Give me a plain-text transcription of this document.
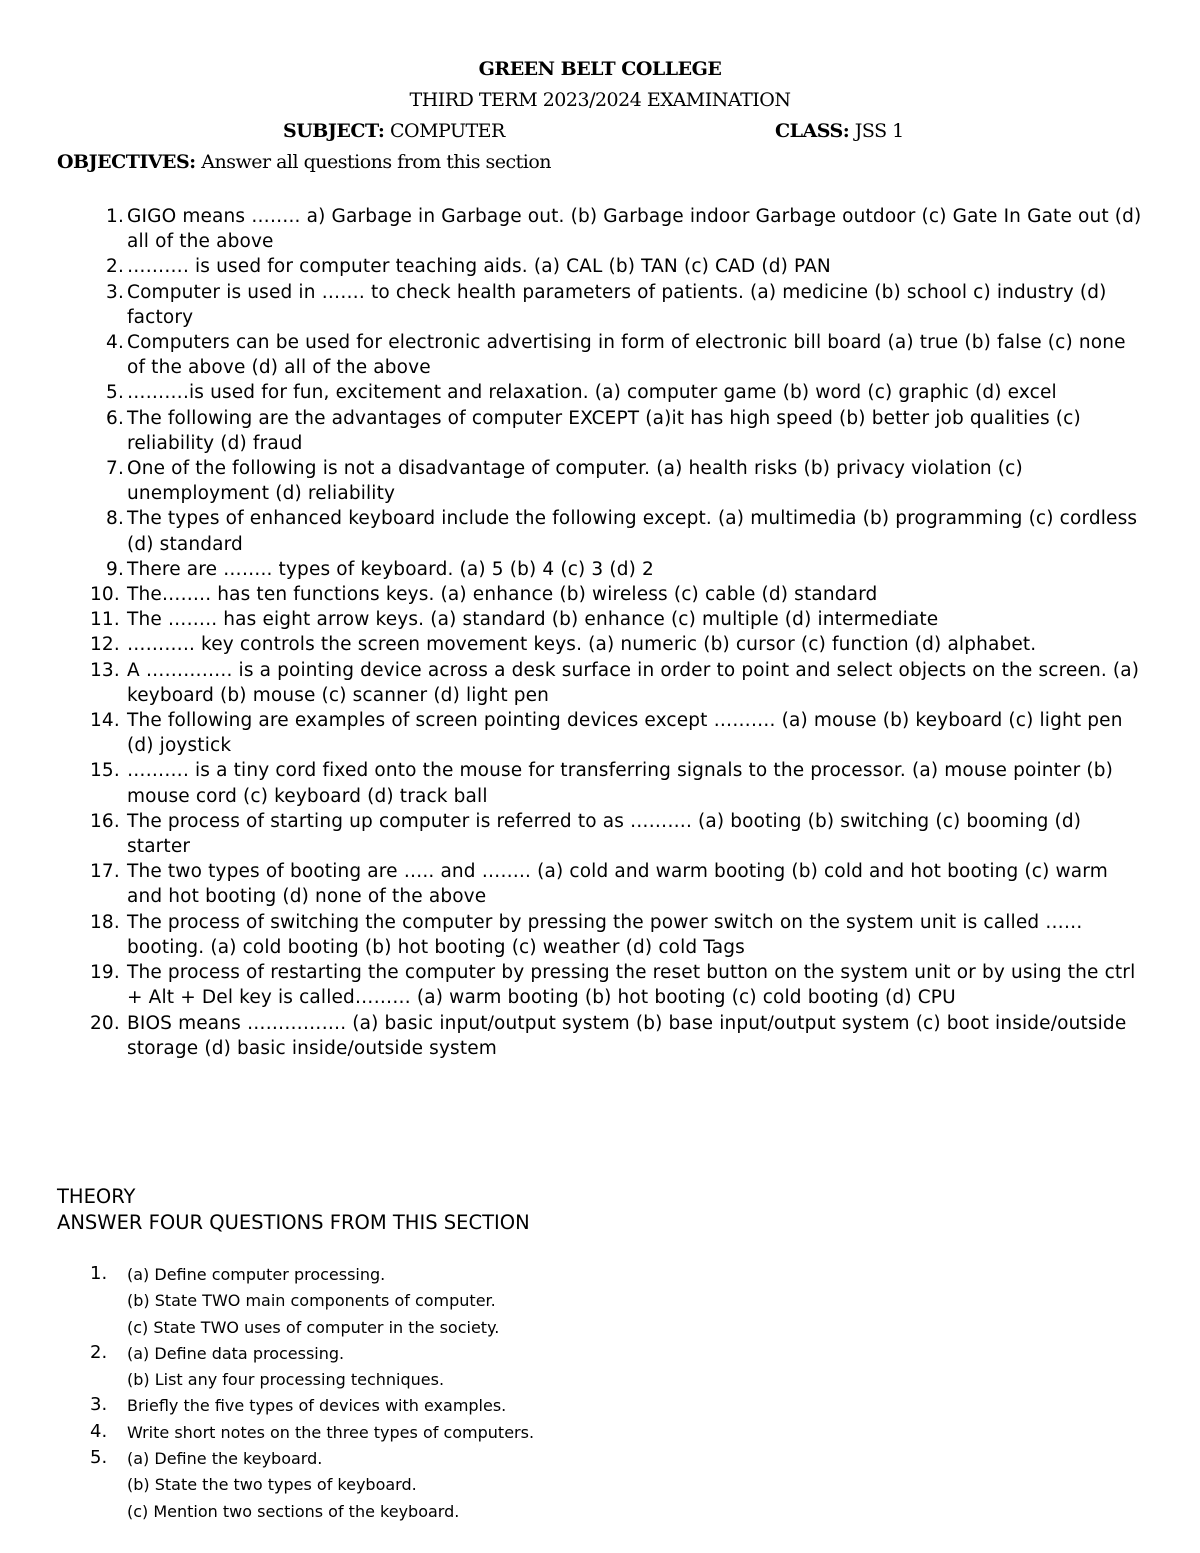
GREEN BELT COLLEGE
THIRD TERM 2023/2024 EXAMINATION
SUBJECT: COMPUTER	CLASS: JSS 1
OBJECTIVES: Answer all questions from this section
1. GIGO means …….. a) Garbage in Garbage out. (b) Garbage indoor Garbage outdoor (c) Gate In Gate out (d) all of the above
2. ………. is used for computer teaching aids. (a) CAL (b) TAN (c) CAD (d) PAN
3. Computer is used in ……. to check health parameters of patients. (a) medicine (b) school c) industry (d) factory
4. Computers can be used for electronic advertising in form of electronic bill board (a) true (b) false (c) none of the above (d) all of the above
5. ……….is used for fun, excitement and relaxation. (a) computer game (b) word (c) graphic (d) excel
6. The following are the advantages of computer EXCEPT (a)it has high speed (b) better job qualities (c) reliability (d) fraud
7. One of the following is not a disadvantage of computer. (a) health risks (b) privacy violation (c) unemployment (d) reliability
8. The types of enhanced keyboard include the following except. (a) multimedia (b) programming (c) cordless (d) standard
9. There are …….. types of keyboard. (a) 5 (b) 4 (c) 3 (d) 2
10. The…….. has ten functions keys. (a) enhance (b) wireless (c) cable (d) standard
11. The …….. has eight arrow keys. (a) standard (b) enhance (c) multiple (d) intermediate
12. ……….. key controls the screen movement keys. (a) numeric (b) cursor (c) function (d) alphabet.
13. A ………….. is a pointing device across a desk surface in order to point and select objects on the screen. (a) keyboard (b) mouse (c) scanner (d) light pen
14. The following are examples of screen pointing devices except ………. (a) mouse (b) keyboard (c) light pen (d) joystick
15. ………. is a tiny cord fixed onto the mouse for transferring signals to the processor. (a) mouse pointer (b) mouse cord (c) keyboard (d) track ball
16. The process of starting up computer is referred to as ………. (a) booting (b) switching (c) booming (d) starter
17. The two types of booting are ….. and …….. (a) cold and warm booting (b) cold and hot booting (c) warm and hot booting (d) none of the above
18. The process of switching the computer by pressing the power switch on the system unit is called …… booting. (a) cold booting (b) hot booting (c) weather (d) cold Tags
19. The process of restarting the computer by pressing the reset button on the system unit or by using the ctrl + Alt + Del key is called……… (a) warm booting (b) hot booting (c) cold booting (d) CPU
20. BIOS means ……………. (a) basic input/output system (b) base input/output system (c) boot inside/outside storage (d) basic inside/outside system
THEORY
ANSWER FOUR QUESTIONS FROM THIS SECTION
1. (a) Define computer processing.
(b) State TWO main components of computer.
(c) State TWO uses of computer in the society.
2. (a) Define data processing.
(b) List any four processing techniques.
3. Briefly the five types of devices with examples.
4. Write short notes on the three types of computers.
5. (a) Define the keyboard.
(b) State the two types of keyboard.
(c) Mention two sections of the keyboard.
